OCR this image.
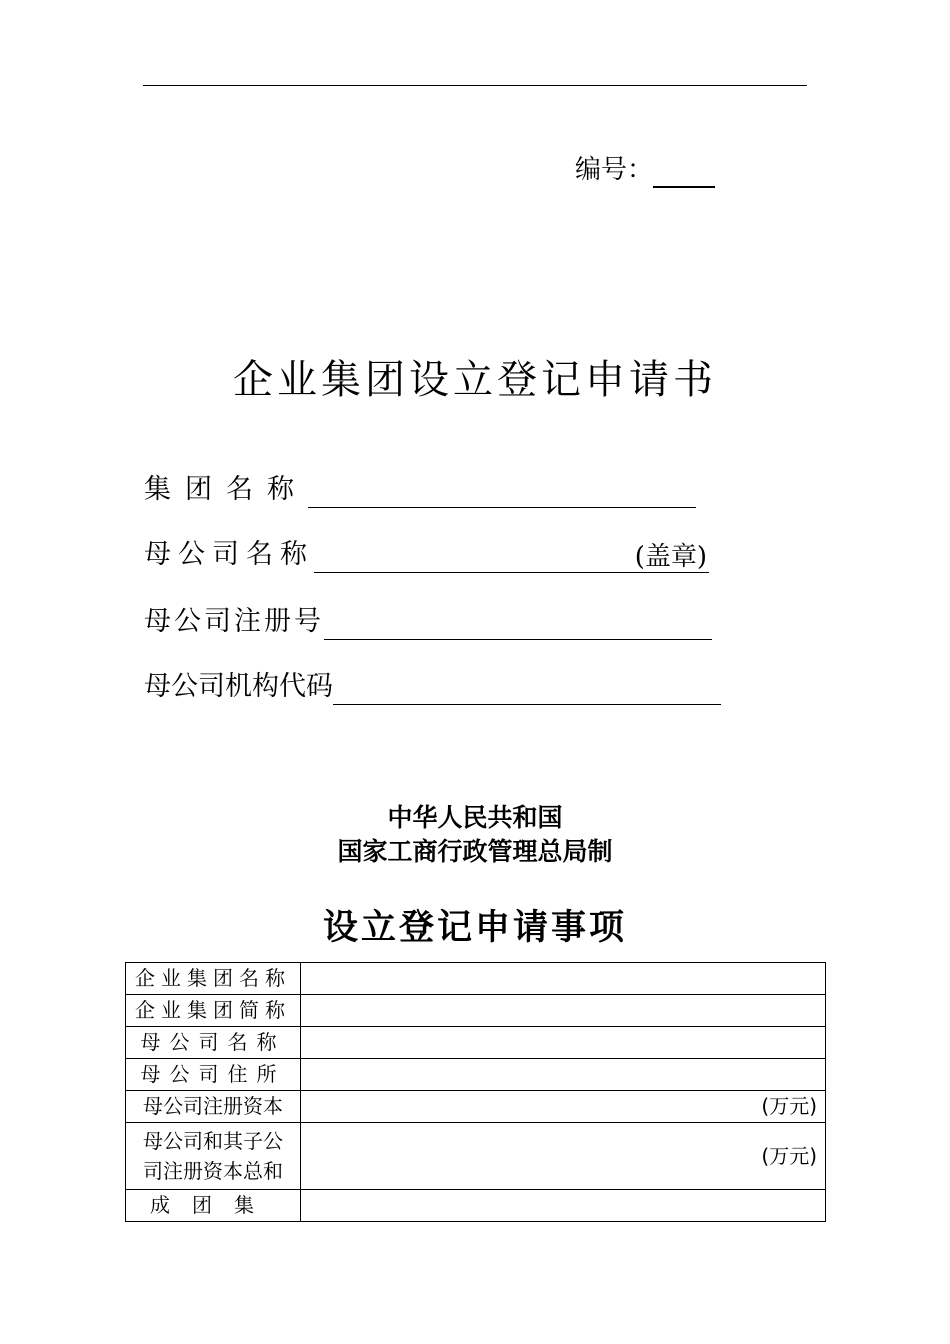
编号：
企业集团设立登记申请书
集团名称
母公司名称	(盖章)
母公司注册号
母公司机构代码
中华人民共和国
国家工商行政管理总局制
设立登记申请事项
企业集团名称	
企业集团简称	
母公司名称	
母公司住所	
母公司注册资本	(万元)

母公司和其子公
司注册资本总和	(万元)
成团集	
